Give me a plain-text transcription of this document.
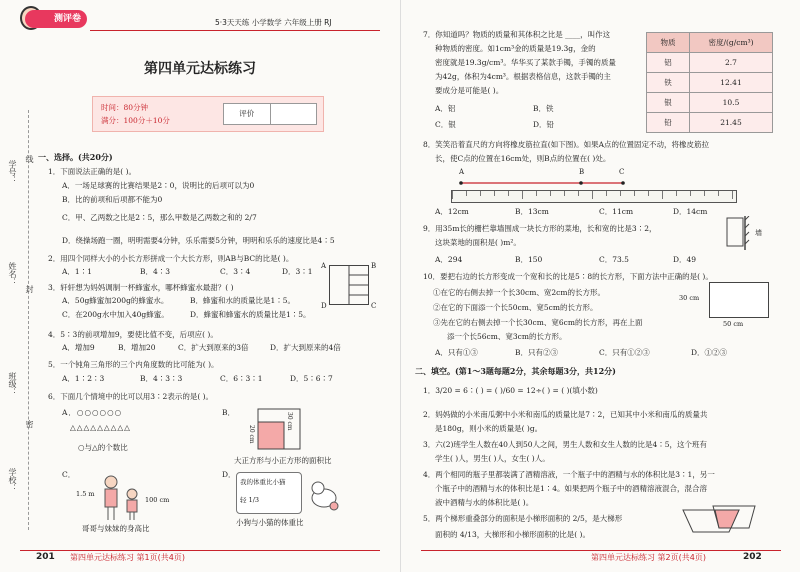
测评卷	5·3天天练 小学数学 六年级上册 RJ
第四单元达标练习
时间：80分钟
满分：100分＋10分
评价
线
封
密
学号：
姓名：
班级：
学校：
一、选择。(共20分)
1．下面说法正确的是( )。
A．一场足球赛的比赛结果是2∶0，说明比的后项可以为0
B．比的前项和后项都不能为0
C．甲、乙两数之比是2∶5，那么甲数是乙两数之和的 2/7
D．绕操场跑一圈，明明需要4分钟，乐乐需要5分钟，明明和乐乐的速度比是4∶5
2．用四个同样大小的小长方形拼成一个大长方形，则AB与BC的比是( )。
A．1∶1	B．4∶3	C．3∶4	D．3∶1
A	B
D	C
3．轩轩想为妈妈调制一杯蜂蜜水，哪杯蜂蜜水最甜？( )
A．50g蜂蜜加200g的蜂蜜水。	B．蜂蜜和水的质量比是1∶5。
C．在200g水中加入40g蜂蜜。	D．蜂蜜和蜂蜜水的质量比是1∶5。
4．5∶3的前项增加9，要使比值不变，后项应( )。
A．增加9	B．增加20	C．扩大到原来的3倍	D．扩大到原来的4倍
5．一个钝角三角形的三个内角度数的比可能为( )。
A．1∶2∶3	B．4∶3∶3	C．6∶3∶1	D．5∶6∶7
6．下面几个情境中的比可以用3∶2表示的是( )。
A．○○○○○○
△△△△△△△△△
○与△的个数比
B．	30 cm
20 cm
大正方形与小正方形的面积比
C．
1.5 m
100 cm
哥哥与妹妹的身高比
D．
我的体重比小猫
轻 1/3
小狗与小猫的体重比
201 第四单元达标练习 第1页(共4页)
7．你知道吗？物质的质量和其体积之比是 ____，叫作这
种物质的密度。如1cm³金的质量是19.3g，金的
密度就是19.3g/cm³。华华买了某款手镯，手镯的质量
为42g，体积为4cm³。根据表格信息，这款手镯的主
要成分是可能是( )。
A．铝	B．铁
C．银	D．铅
物质	密度/(g/cm³)
铝	2.7
铁	12.41
银	10.5
铅	21.45
8．笑笑沿着直尺的方向将橡皮筋拉直(如下图)。如果A点的位置固定不动，将橡皮筋拉
长，使C点的位置在16cm处，则B点的位置在( )处。
A	B	C
A．12cm	B．13cm	C．11cm	D．14cm
9．用35m长的栅栏靠墙围成一块长方形的菜地，长和宽的比是3∶2，
这块菜地的面积是( )m²。
A．294	B．150	C．73.5	D．49
墙
10．要把右边的长方形变成一个宽和长的比是5∶8的长方形，下面方法中正确的是( )。
①在它的右侧去掉一个长30cm、宽2cm的长方形。
②在它的下面添一个长50cm、宽5cm的长方形。
③先在它的右侧去掉一个长30cm、宽6cm的长方形，再在上面
添一个长56cm、宽3cm的长方形。
30 cm
50 cm
A．只有①③	B．只有②③	C．只有①②③	D．①②③
二、填空。(第1～3题每题2分，其余每题3分，共12分)
1．3/20 = 6∶( ) = ( )/60 = 12÷( ) = ( )(填小数)
2．妈妈做的小米南瓜粥中小米和南瓜的质量比是7∶2，已知其中小米和南瓜的质量共
是180g，则小米的质量是( )g。
3．六(2)班学生人数在40人到50人之间，男生人数和女生人数的比是4∶5，这个班有
学生( )人，男生( )人，女生( )人。
4．两个相同的瓶子里都装满了酒精溶液，一个瓶子中的酒精与水的体积比是3∶1，另一
个瓶子中的酒精与水的体积比是1∶4。如果把两个瓶子中的酒精溶液混合，混合溶
液中酒精与水的体积比是( )。
5．两个梯形重叠部分的面积是小梯形面积的 2/5，是大梯形
面积的 4/13，大梯形和小梯形面积的比是( )。
第四单元达标练习 第2页(共4页)	202
